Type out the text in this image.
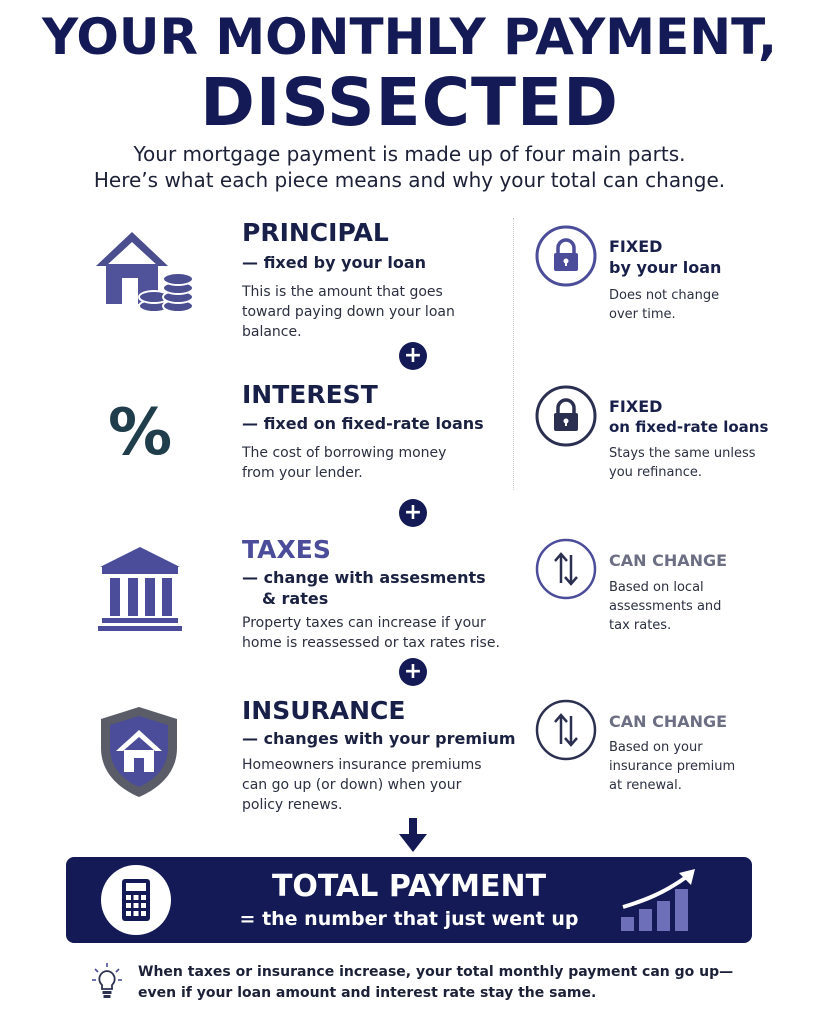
YOUR MONTHLY PAYMENT,
DISSECTED
Your mortgage payment is made up of four main parts.
Here’s what each piece means and why your total can change.
PRINCIPAL
— fixed by your loan
This is the amount that goes
toward paying down your loan
balance.
FIXED
by your loan
Does not change
over time.
+
%
INTEREST
— fixed on fixed-rate loans
The cost of borrowing money
from your lender.
FIXED
on fixed-rate loans
Stays the same unless
you refinance.
+
TAXES
— change with assesments
& rates
Property taxes can increase if your
home is reassessed or tax rates rise.
CAN CHANGE
Based on local
assessments and
tax rates.
+
INSURANCE
— changes with your premium
Homeowners insurance premiums
can go up (or down) when your
policy renews.
CAN CHANGE
Based on your
insurance premium
at renewal.
TOTAL PAYMENT
= the number that just went up
When taxes or insurance increase, your total monthly payment can go up—
even if your loan amount and interest rate stay the same.
